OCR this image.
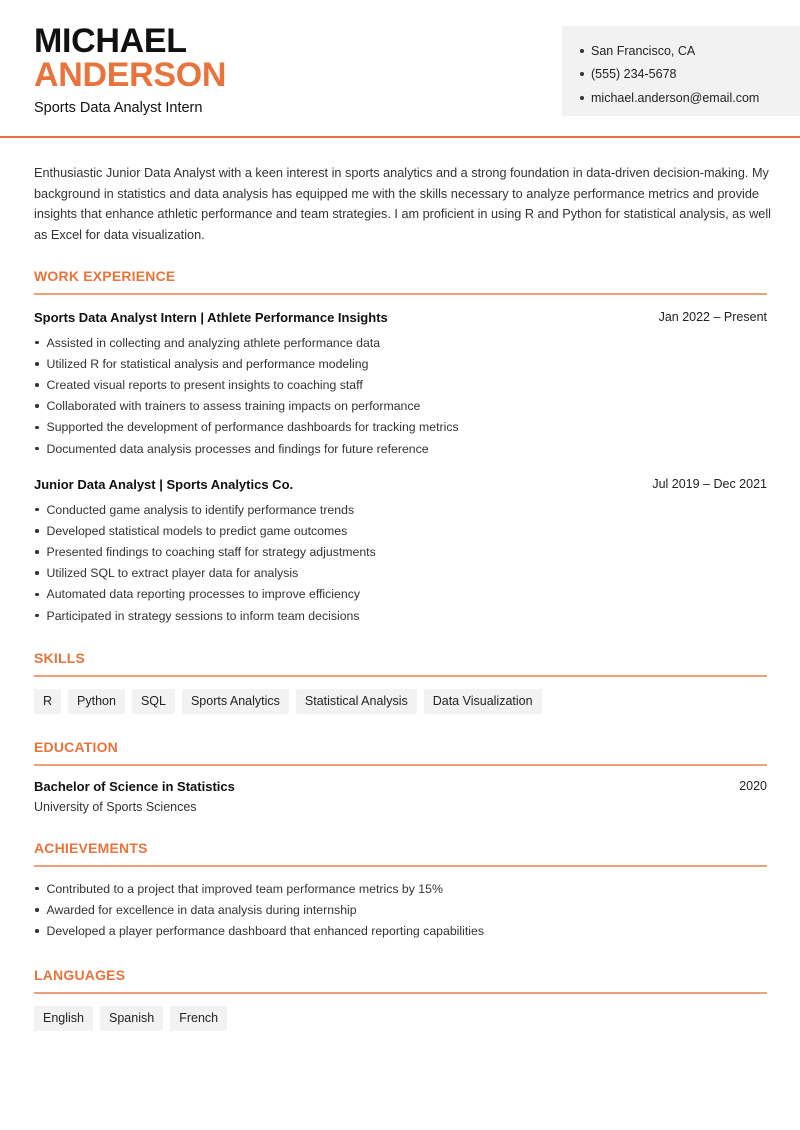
MICHAEL
ANDERSON
Sports Data Analyst Intern
San Francisco, CA
(555) 234-5678
michael.anderson@email.com
Enthusiastic Junior Data Analyst with a keen interest in sports analytics and a strong foundation in data-driven decision-making. My background in statistics and data analysis has equipped me with the skills necessary to analyze performance metrics and provide insights that enhance athletic performance and team strategies. I am proficient in using R and Python for statistical analysis, as well as Excel for data visualization.
WORK EXPERIENCE
Sports Data Analyst Intern | Athlete Performance Insights	Jan 2022 – Present
Assisted in collecting and analyzing athlete performance data
Utilized R for statistical analysis and performance modeling
Created visual reports to present insights to coaching staff
Collaborated with trainers to assess training impacts on performance
Supported the development of performance dashboards for tracking metrics
Documented data analysis processes and findings for future reference
Junior Data Analyst | Sports Analytics Co.	Jul 2019 – Dec 2021
Conducted game analysis to identify performance trends
Developed statistical models to predict game outcomes
Presented findings to coaching staff for strategy adjustments
Utilized SQL to extract player data for analysis
Automated data reporting processes to improve efficiency
Participated in strategy sessions to inform team decisions
SKILLS
R	Python	SQL	Sports Analytics	Statistical Analysis	Data Visualization
EDUCATION
Bachelor of Science in Statistics	2020
University of Sports Sciences
ACHIEVEMENTS
Contributed to a project that improved team performance metrics by 15%
Awarded for excellence in data analysis during internship
Developed a player performance dashboard that enhanced reporting capabilities
LANGUAGES
English	Spanish	French
